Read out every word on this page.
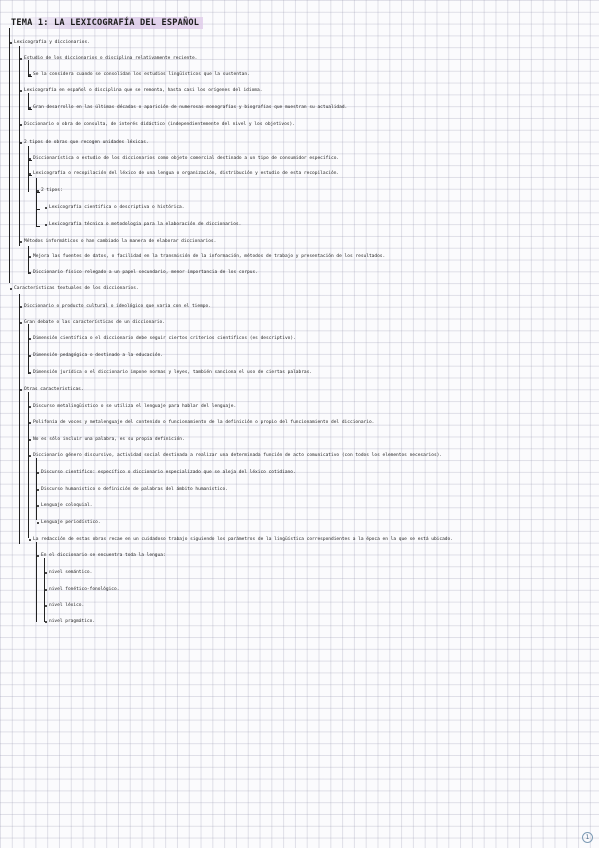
TEMA 1: LA LEXICOGRAFÍA DEL ESPAÑOL
Lexicografía y diccionarios.
Estudio de los diccionarios o disciplina relativamente reciente.
Se la considera cuando se consolidan los estudios lingüísticos que la sustentan.
Lexicografía en español o disciplina que se remonta, hasta casi los orígenes del idioma.
Gran desarrollo en las últimas décadas o aparición de numerosas monografías y biografías que muestran su actualidad.
Diccionario o obra de consulta, de interés didáctico (independientemente del nivel y los objetivos).
2 tipos de obras que recogen unidades léxicas.
Diccionarística o estudio de los diccionarios como objeto comercial destinado a un tipo de consumidor específico.
Lexicografía o recopilación del léxico de una lengua o organización, distribución y estudio de esta recopilación.
2 tipos:
Lexicografía científica o descriptiva o histórica.
Lexicografía técnica o metodología para la elaboración de diccionarios.
Métodos informáticos o han cambiado la manera de elaborar diccionarios.
Mejora las fuentes de datos, o facilidad en la transmisión de la información, métodos de trabajo y presentación de los resultados.
Diccionario físico relegado a un papel secundario, menor importancia de los corpus.
Características textuales de los diccionarios.
Diccionario o producto cultural o ideológico que varía con el tiempo.
Gran debate o las características de un diccionario.
Dimensión científica o el diccionario debe seguir ciertos criterios científicos (es descriptivo).
Dimensión pedagógica o destinado a la educación.
Dimensión jurídica o el diccionario impone normas y leyes, también sanciona el uso de ciertas palabras.
Otras características.
Discurso metalingüístico o se utiliza el lenguaje para hablar del lenguaje.
Polifonía de voces y metalenguaje del contenido o funcionamiento de la definición o propio del funcionamiento del diccionario.
No es sólo incluir una palabra, es su propia definición.
Diccionario género discursivo, actividad social destinada a realizar una determinada función de acto comunicativo (con todos los elementos necesarios).
Discurso científico: específico o diccionario especializado que se aleja del léxico cotidiano.
Discurso humanístico o definición de palabras del ámbito humanístico.
Lenguaje coloquial.
Lenguaje periodístico.
La redacción de estas obras recae en un cuidadoso trabajo siguiendo los parámetros de la lingüística correspondientes a la época en la que se está ubicado.
En el diccionario se encuentra toda la lengua:
nivel semántico.
nivel fonético-fonológico.
nivel léxico.
nivel pragmático.
1
